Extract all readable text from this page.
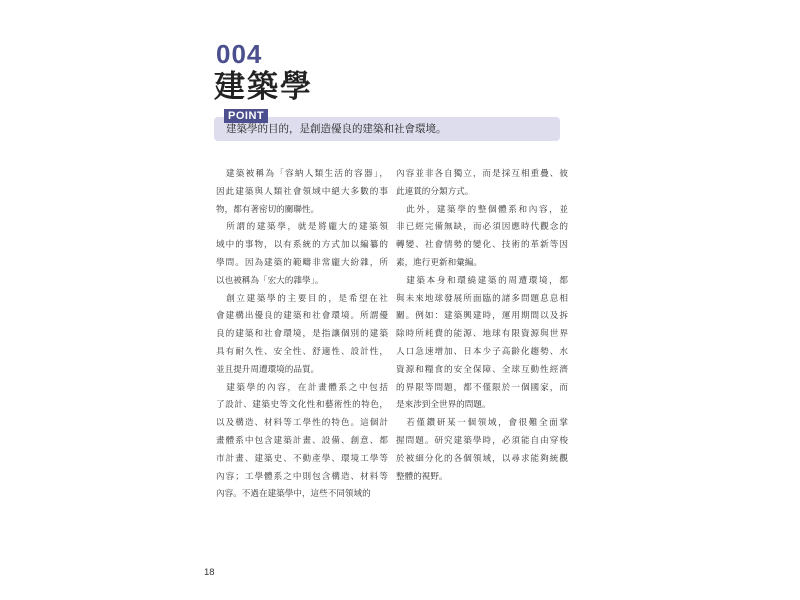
004
建築學
POINT
建築學的目的，是創造優良的建築和社會環境。
　建築被稱為「容納人類生活的容器」，
因此建築與人類社會領域中絕大多數的事
物，都有著密切的關聯性。
　所謂的建築學，就是將龐大的建築領
域中的事物，以有系統的方式加以編纂的
學問。因為建築的範疇非常龐大紛雜，所
以也被稱為「宏大的雜學」。
　創立建築學的主要目的，是希望在社
會建構出優良的建築和社會環境。所謂優
良的建築和社會環境，是指讓個別的建築
具有耐久性、安全性、舒適性、設計性，
並且提升周遭環境的品質。
　建築學的內容，在計畫體系之中包括
了設計、建築史等文化性和藝術性的特色，
以及構造、材料等工學性的特色。這個計
畫體系中包含建築計畫、設備、創意、都
市計畫、建築史、不動產學、環境工學等
內容；工學體系之中則包含構造、材料等
內容。不過在建築學中，這些不同領域的
內容並非各自獨立，而是採互相重疊、彼
此連貫的分類方式。
　此外，建築學的整個體系和內容，並
非已經完備無缺，而必須因應時代觀念的
轉變、社會情勢的變化、技術的革新等因
素，進行更新和彙編。
　建築本身和環繞建築的周遭環境，都
與未來地球發展所面臨的諸多問題息息相
關。例如：建築興建時，運用期間以及拆
除時所耗費的能源、地球有限資源與世界
人口急速增加、日本少子高齡化趨勢、水
資源和糧食的安全保障、全球互動性經濟
的界限等問題，都不僅限於一個國家，而
是來涉到全世界的問題。
　若僅鑽研某一個領域，會很難全面掌
握問題。研究建築學時，必須能自由穿梭
於被細分化的各個領域，以尋求能夠統觀
整體的視野。
18
